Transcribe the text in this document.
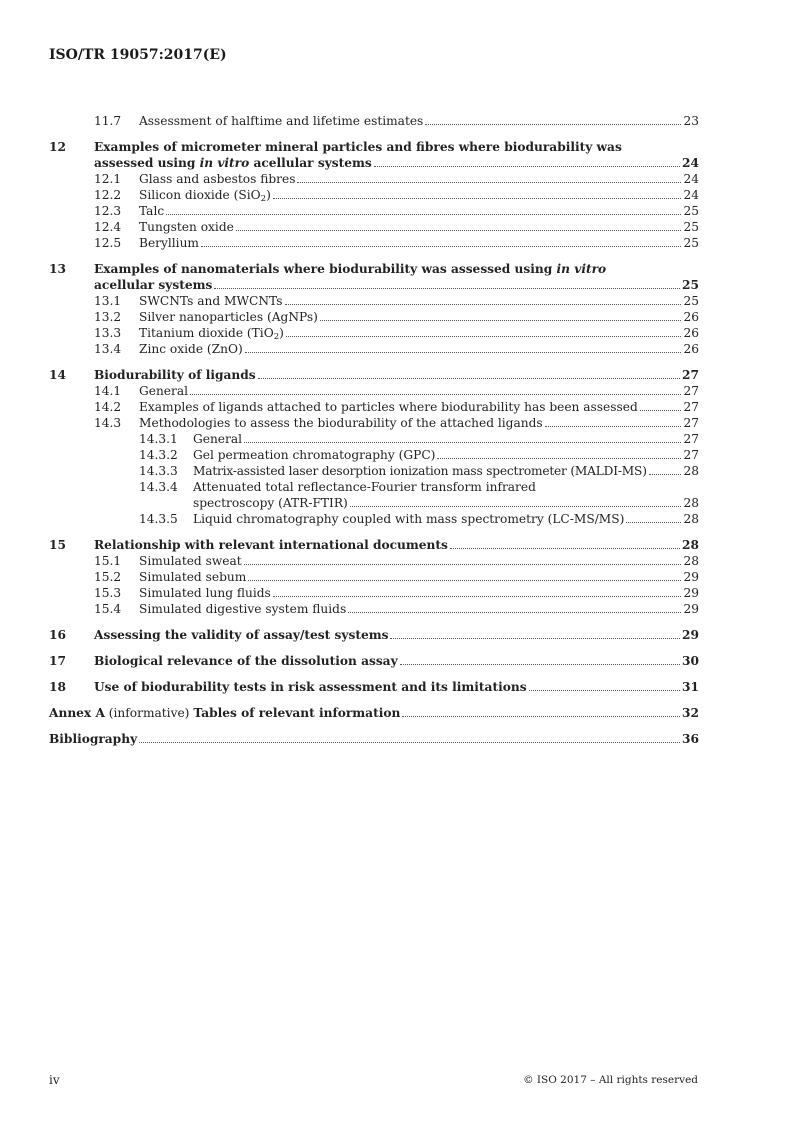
ISO/TR 19057:2017(E)
11.7	Assessment of halftime and lifetime estimates	23
12	Examples of micrometer mineral particles and fibres where biodurability was
assessed using in vitro acellular systems	24
12.1	Glass and asbestos fibres	24
12.2	Silicon dioxide (SiO$_2$)	24
12.3	Talc	25
12.4	Tungsten oxide	25
12.5	Beryllium	25
13	Examples of nanomaterials where biodurability was assessed using in vitro
acellular systems	25
13.1	SWCNTs and MWCNTs	25
13.2	Silver nanoparticles (AgNPs)	26
13.3	Titanium dioxide (TiO$_2$)	26
13.4	Zinc oxide (ZnO)	26
14	Biodurability of ligands	27
14.1	General	27
14.2	Examples of ligands attached to particles where biodurability has been assessed	27
14.3	Methodologies to assess the biodurability of the attached ligands	27
14.3.1	General	27
14.3.2	Gel permeation chromatography (GPC)	27
14.3.3	Matrix-assisted laser desorption ionization mass spectrometer (MALDI-MS)	28
14.3.4	Attenuated total reflectance-Fourier transform infrared
spectroscopy (ATR-FTIR)	28
14.3.5	Liquid chromatography coupled with mass spectrometry (LC-MS/MS)	28
15	Relationship with relevant international documents	28
15.1	Simulated sweat	28
15.2	Simulated sebum	29
15.3	Simulated lung fluids	29
15.4	Simulated digestive system fluids	29
16	Assessing the validity of assay/test systems	29
17	Biological relevance of the dissolution assay	30
18	Use of biodurability tests in risk assessment and its limitations	31
Annex A (informative) Tables of relevant information	32
Bibliography	36
iv	© ISO 2017 – All rights reserved
